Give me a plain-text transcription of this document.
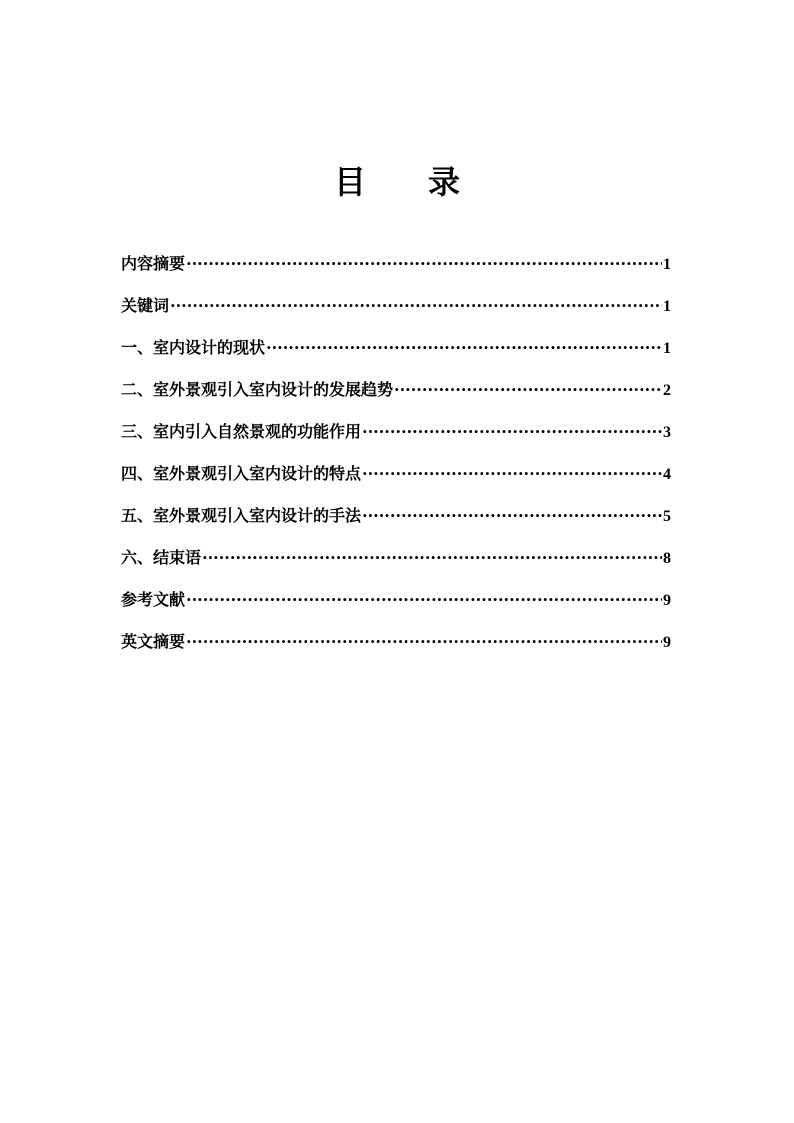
目 录
内容摘要 ·····	1
关键词 ·····	1
一、室内设计的现状 ·····	1
二、室外景观引入室内设计的发展趋势 ·····	2
三、室内引入自然景观的功能作用 ·····	3
四、室外景观引入室内设计的特点 ·····	4
五、室外景观引入室内设计的手法 ·····	5
六、结束语 ·····	8
参考文献 ·····	9
英文摘要 ·····	9
